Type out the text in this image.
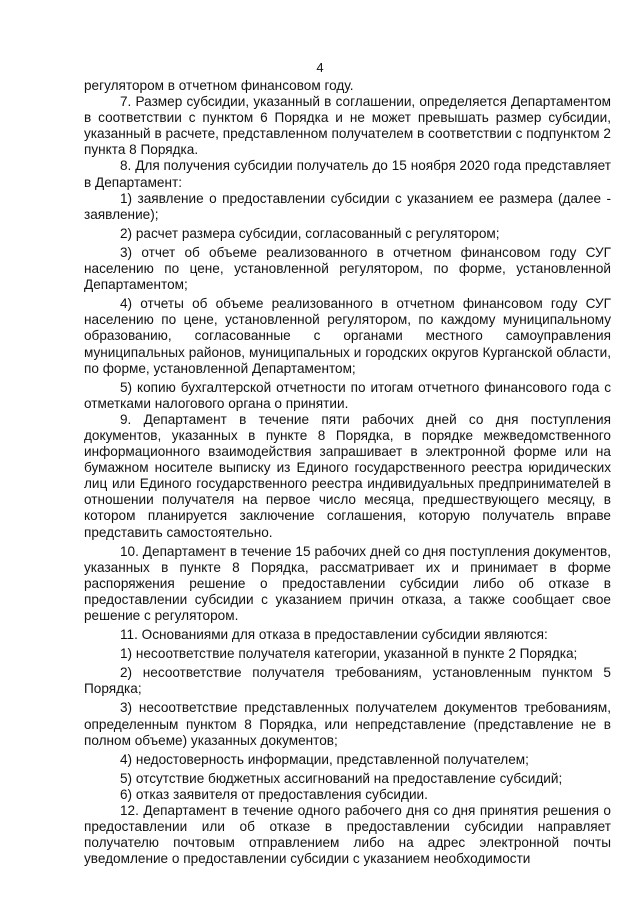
4

регулятором в отчетном финансовом году.

7. Размер субсидии, указанный в соглашении, определяется Департаментом в соответствии с пунктом 6 Порядка и не может превышать размер субсидии, указанный в расчете, представленном получателем в соответствии с подпунктом 2 пункта 8 Порядка.

8. Для получения субсидии получатель до 15 ноября 2020 года представляет в Департамент:

1) заявление о предоставлении субсидии с указанием ее размера (далее - заявление);

2) расчет размера субсидии, согласованный с регулятором;

3) отчет об объеме реализованного в отчетном финансовом году СУГ населению по цене, установленной регулятором, по форме, установленной Департаментом;

4) отчеты об объеме реализованного в отчетном финансовом году СУГ населению по цене, установленной регулятором, по каждому муниципальному образованию, согласованные с органами местного самоуправления муниципальных районов, муниципальных и городских округов Курганской области, по форме, установленной Департаментом;

5) копию бухгалтерской отчетности по итогам отчетного финансового года с отметками налогового органа о принятии.

9. Департамент в течение пяти рабочих дней со дня поступления документов, указанных в пункте 8 Порядка, в порядке межведомственного информационного взаимодействия запрашивает в электронной форме или на бумажном носителе выписку из Единого государственного реестра юридических лиц или Единого государственного реестра индивидуальных предпринимателей в отношении получателя на первое число месяца, предшествующего месяцу, в котором планируется заключение соглашения, которую получатель вправе представить самостоятельно.

10. Департамент в течение 15 рабочих дней со дня поступления документов, указанных в пункте 8 Порядка, рассматривает их и принимает в форме распоряжения решение о предоставлении субсидии либо об отказе в предоставлении субсидии с указанием причин отказа, а также сообщает свое решение с регулятором.

11. Основаниями для отказа в предоставлении субсидии являются:

1) несоответствие получателя категории, указанной в пункте 2 Порядка;

2) несоответствие получателя требованиям, установленным пунктом 5 Порядка;

3) несоответствие представленных получателем документов требованиям, определенным пунктом 8 Порядка, или непредставление (представление не в полном объеме) указанных документов;

4) недостоверность информации, представленной получателем;

5) отсутствие бюджетных ассигнований на предоставление субсидий;

6) отказ заявителя от предоставления субсидии.

12. Департамент в течение одного рабочего дня со дня принятия решения о предоставлении или об отказе в предоставлении субсидии направляет получателю почтовым отправлением либо на адрес электронной почты уведомление о предоставлении субсидии с указанием необходимости
